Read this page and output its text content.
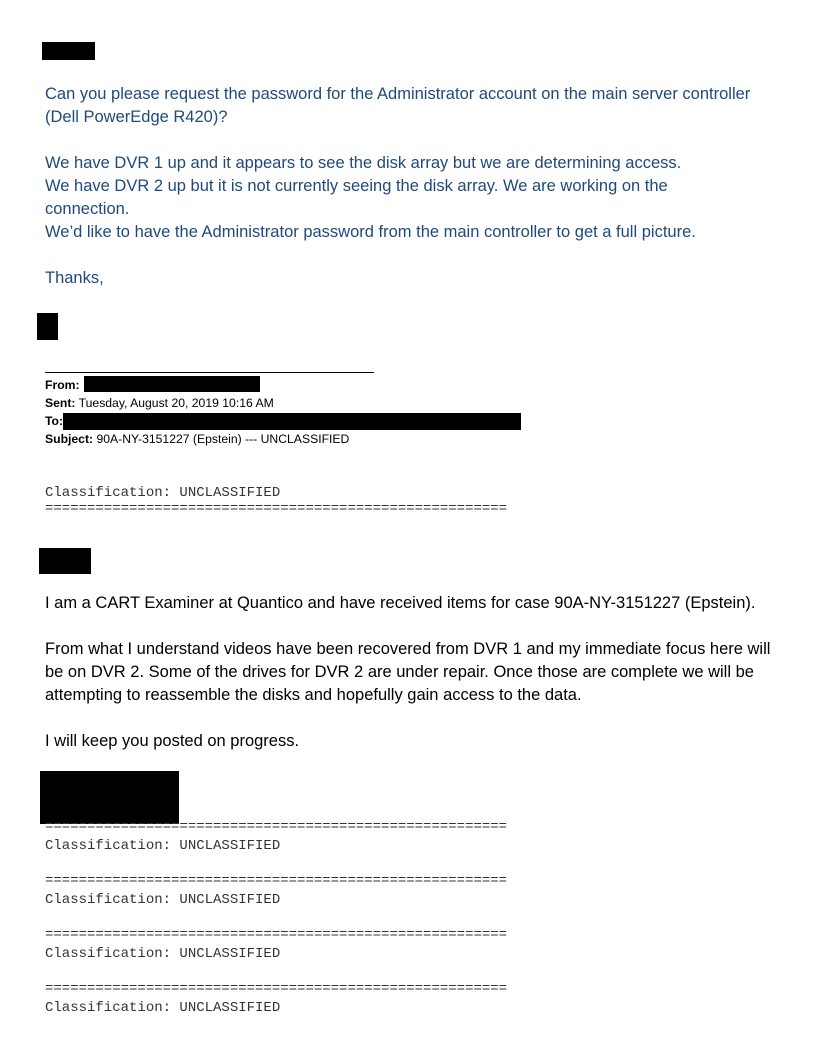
Can you please request the password for the Administrator account on the main server controller (Dell PowerEdge R420)?

We have DVR 1 up and it appears to see the disk array but we are determining access.

We have DVR 2 up but it is not currently seeing the disk array. We are working on the connection.

We’d like to have the Administrator password from the main controller to get a full picture.

Thanks,

From:
Sent: Tuesday, August 20, 2019 10:16 AM
To:
Subject: 90A-NY-3151227 (Epstein) --- UNCLASSIFIED
Classification: UNCLASSIFIED
=======================================================

I am a CART Examiner at Quantico and have received items for case 90A-NY-3151227 (Epstein).

From what I understand videos have been recovered from DVR 1 and my immediate focus here will be on DVR 2. Some of the drives for DVR 2 are under repair. Once those are complete we will be attempting to reassemble the disks and hopefully gain access to the data.

I will keep you posted on progress.

=======================================================
Classification: UNCLASSIFIED
=======================================================
Classification: UNCLASSIFIED
=======================================================
Classification: UNCLASSIFIED
=======================================================
Classification: UNCLASSIFIED
